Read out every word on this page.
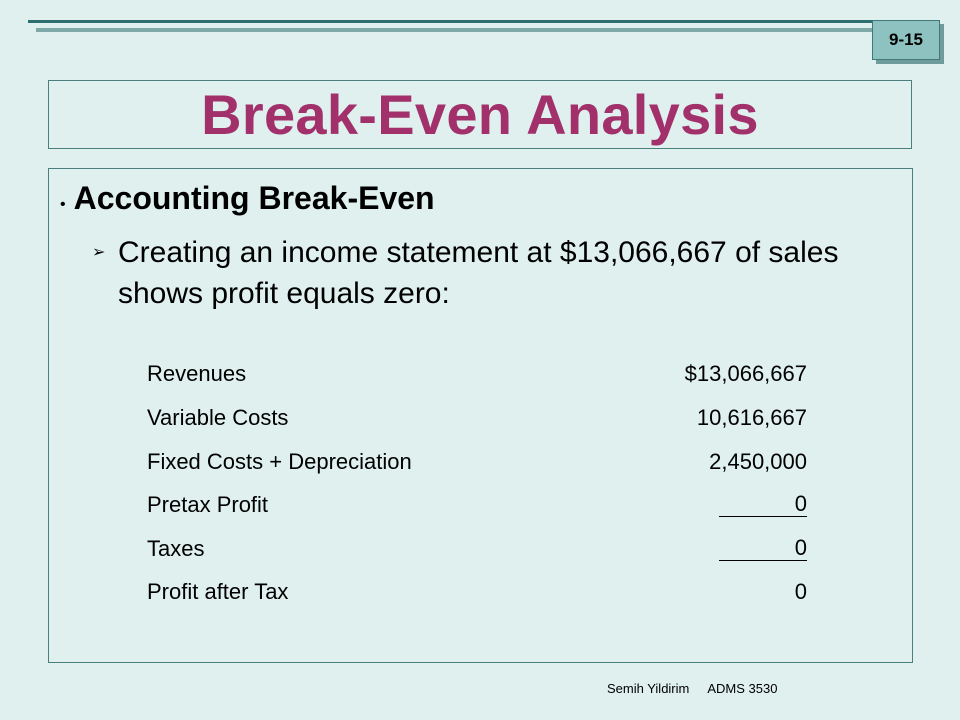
9-15
Break-Even Analysis
• Accounting Break-Even
➢ Creating an income statement at $13,066,667 of sales shows profit equals zero:
Revenues	$13,066,667
Variable Costs	10,616,667
Fixed Costs + Depreciation	2,450,000
Pretax Profit	0
Taxes	0
Profit after Tax	0
Semih Yildirim ADMS 3530
